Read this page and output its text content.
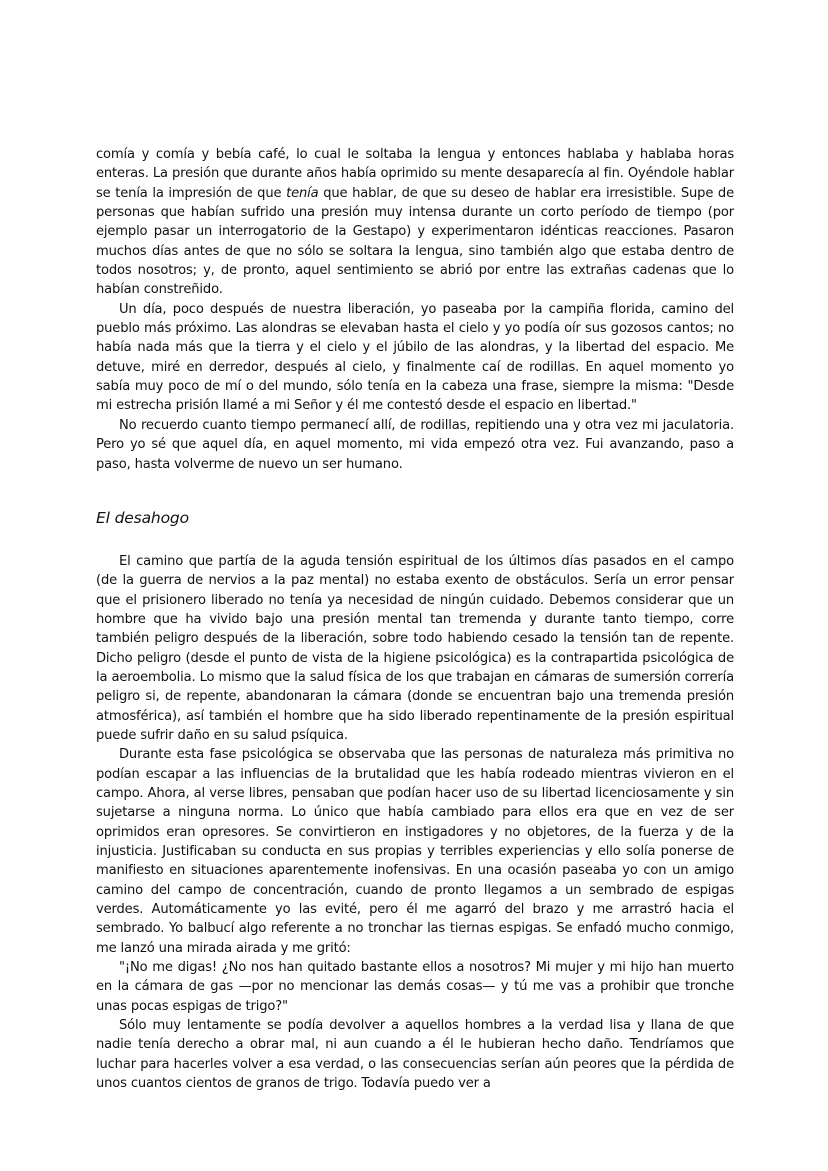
comía y comía y bebía café, lo cual le soltaba la lengua y entonces hablaba y hablaba horas enteras. La presión que durante años había oprimido su mente desaparecía al fin. Oyéndole hablar se tenía la impresión de que tenía que hablar, de que su deseo de hablar era irresistible. Supe de personas que habían sufrido una presión muy intensa durante un corto período de tiempo (por ejemplo pasar un interrogatorio de la Gestapo) y experimentaron idénticas reacciones. Pasaron muchos días antes de que no sólo se soltara la lengua, sino también algo que estaba dentro de todos nosotros; y, de pronto, aquel sentimiento se abrió por entre las extrañas cadenas que lo habían constreñido.

Un día, poco después de nuestra liberación, yo paseaba por la campiña florida, camino del pueblo más próximo. Las alondras se elevaban hasta el cielo y yo podía oír sus gozosos cantos; no había nada más que la tierra y el cielo y el júbilo de las alondras, y la libertad del espacio. Me detuve, miré en derredor, después al cielo, y finalmente caí de rodillas. En aquel momento yo sabía muy poco de mí o del mundo, sólo tenía en la cabeza una frase, siempre la misma: "Desde mi estrecha prisión llamé a mi Señor y él me contestó desde el espacio en libertad."

No recuerdo cuanto tiempo permanecí allí, de rodillas, repitiendo una y otra vez mi jaculatoria. Pero yo sé que aquel día, en aquel momento, mi vida empezó otra vez. Fui avanzando, paso a paso, hasta volverme de nuevo un ser humano.

El desahogo

El camino que partía de la aguda tensión espiritual de los últimos días pasados en el campo (de la guerra de nervios a la paz mental) no estaba exento de obstáculos. Sería un error pensar que el prisionero liberado no tenía ya necesidad de ningún cuidado. Debemos considerar que un hombre que ha vivido bajo una presión mental tan tremenda y durante tanto tiempo, corre también peligro después de la liberación, sobre todo habiendo cesado la tensión tan de repente. Dicho peligro (desde el punto de vista de la higiene psicológica) es la contrapartida psicológica de la aeroembolia. Lo mismo que la salud física de los que trabajan en cámaras de sumersión correría peligro si, de repente, abandonaran la cámara (donde se encuentran bajo una tremenda presión atmosférica), así también el hombre que ha sido liberado repentinamente de la presión espiritual puede sufrir daño en su salud psíquica.

Durante esta fase psicológica se observaba que las personas de naturaleza más primitiva no podían escapar a las influencias de la brutalidad que les había rodeado mientras vivieron en el campo. Ahora, al verse libres, pensaban que podían hacer uso de su libertad licenciosamente y sin sujetarse a ninguna norma. Lo único que había cambiado para ellos era que en vez de ser oprimidos eran opresores. Se convirtieron en instigadores y no objetores, de la fuerza y de la injusticia. Justificaban su conducta en sus propias y terribles experiencias y ello solía ponerse de manifiesto en situaciones aparentemente inofensivas. En una ocasión paseaba yo con un amigo camino del campo de concentración, cuando de pronto llegamos a un sembrado de espigas verdes. Automáticamente yo las evité, pero él me agarró del brazo y me arrastró hacia el sembrado. Yo balbucí algo referente a no tronchar las tiernas espigas. Se enfadó mucho conmigo, me lanzó una mirada airada y me gritó:

"¡No me digas! ¿No nos han quitado bastante ellos a nosotros? Mi mujer y mi hijo han muerto en la cámara de gas —por no mencionar las demás cosas— y tú me vas a prohibir que tronche unas pocas espigas de trigo?"

Sólo muy lentamente se podía devolver a aquellos hombres a la verdad lisa y llana de que nadie tenía derecho a obrar mal, ni aun cuando a él le hubieran hecho daño. Tendríamos que luchar para hacerles volver a esa verdad, o las consecuencias serían aún peores que la pérdida de unos cuantos cientos de granos de trigo. Todavía puedo ver a
